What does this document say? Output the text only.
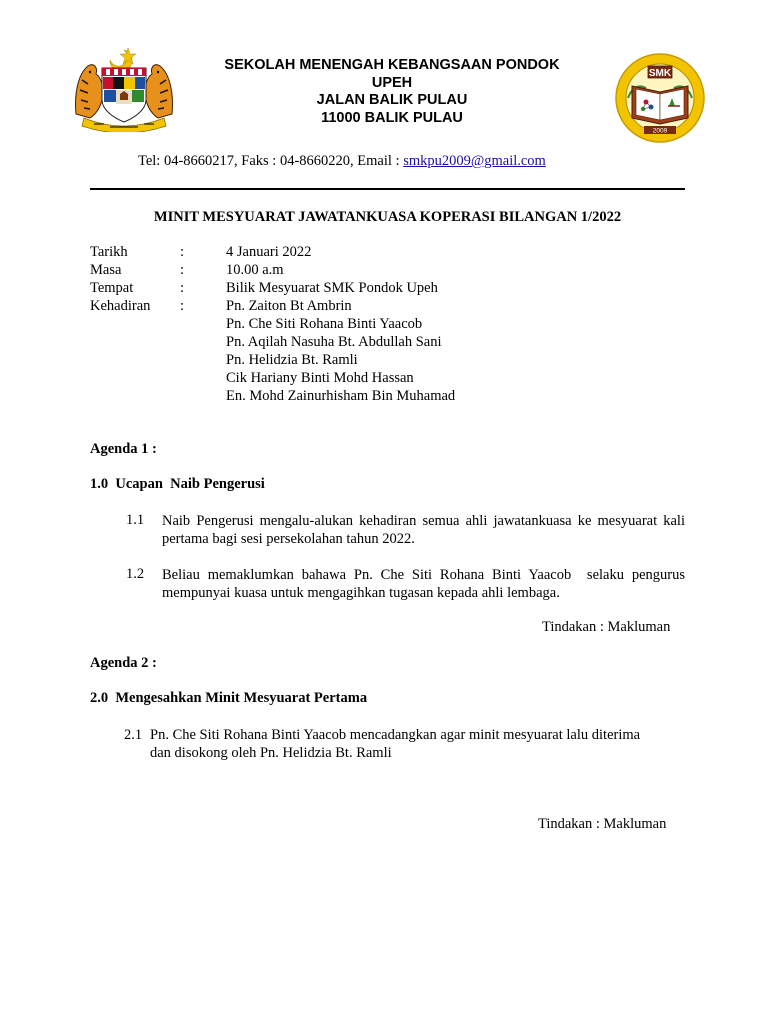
SEKOLAH MENENGAH KEBANGSAAN PONDOK
UPEH
JALAN BALIK PULAU
11000 BALIK PULAU
SMK
2009
Tel: 04-8660217, Faks : 04-8660220, Email : smkpu2009@gmail.com
MINIT MESYUARAT JAWATANKUASA KOPERASI BILANGAN 1/2022
Tarikh	:	4 Januari 2022
Masa	:	10.00 a.m
Tempat	:	Bilik Mesyuarat SMK Pondok Upeh
Kehadiran	:	Pn. Zaiton Bt Ambrin
Pn. Che Siti Rohana Binti Yaacob
Pn. Aqilah Nasuha Bt. Abdullah Sani
Pn. Helidzia Bt. Ramli
Cik Hariany Binti Mohd Hassan
En. Mohd Zainurhisham Bin Muhamad
Agenda 1 :
1.0  Ucapan  Naib Pengerusi
1.1 Naib Pengerusi mengalu-alukan kehadiran semua ahli jawatankuasa ke mesyuarat kali pertama bagi sesi persekolahan tahun 2022.
1.2 Beliau memaklumkan bahawa Pn. Che Siti Rohana Binti Yaacob  selaku pengurus mempunyai kuasa untuk mengagihkan tugasan kepada ahli lembaga.
Tindakan : Makluman
Agenda 2 :
2.0  Mengesahkan Minit Mesyuarat Pertama
2.1 Pn. Che Siti Rohana Binti Yaacob mencadangkan agar minit mesyuarat lalu diterima
dan disokong oleh Pn. Helidzia Bt. Ramli
Tindakan : Makluman
